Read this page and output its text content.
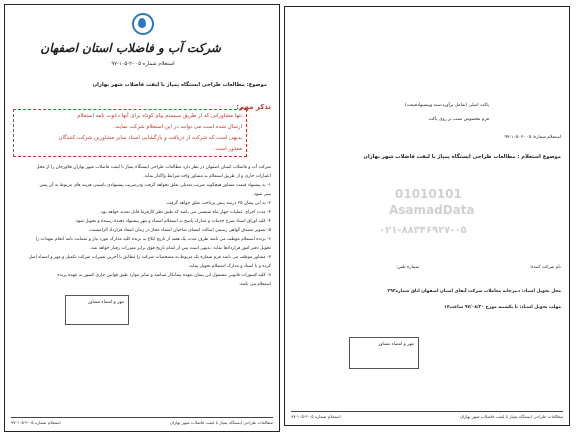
شرکت آب و فاضلاب استان اصفهان
استعلام شماره ۰۵ -۲-۱۰۵-۹۷
موضوع: مطالعات طراحی ایستگاه پمپاژ با لیفت فاضلاب شهر بهاران
تذکر مهم:
تنها مشاورانی که از طریق سیستم پیام کوتاه برای آنها دعوت نامه استعلام
ارسال شده است می توانند در این استعلام شرکت نمایند.
بدیهی است که شرکت از دریافت و بازگشایی اسناد سایر مشاورین شرکت کنندگان
معذور است.
شرکت آب و فاضلاب استان اصفهان در نظر دارد مطالعات طراحی ایستگاه پمپاژ با لیفت فاضلاب شهر بهاران فلاورجان را از محل
اعتبارات جاری و از طریق استعلام به مشاور واجد شرایط واگذار نماید.
۱- به پیشنهاد قیمت مشاور هیچگونه ضریب تعدیلی تعلق نخواهد گرفت ودرضریب پیشنهادی بایستی هزینه های مربوط به آن پیش
بینی شود.
۲- به این پیمان ۲۵ درصد پیش پرداخت تعلق خواهد گرفت.
۳- مدت اجرای عملیات چهار ماه شمسی می باشد که طبق نظر کارفرما قابل تمدید خواهد بود.
۴- کلیه اوراق اسناد شرح خدمات و مدارک پاسخ به استعلام امضاء و مهر پیشنهاد دهنده رسیده و تحویل شود.
۵- تصویر مصدق گواهی رسمی اصالت امضای صاحبان امضاء مجاز در زمان انعقاد قرارداد الزامیست.
۶- برنده استعلام موظف می باشد ظرف مدت یک هفته از تاریخ ابلاغ به برنده کلیه مدارک مورد نیاز و ضمانت نامه انجام تعهدات را
تحویل دفتر امور قراردادها نماید. بدیهی است پس از اتمام تاریخ فوق برابر مقررات رفتار خواهد شد.
۷- مشاور موظف می باشد فرم شماره یک مربوط به مشخصات شرکت را مطابق با آخرین تغییرات شرکت تکمیل و مهر و امضاء اصل
کرده و با اسناد و مدارک استعلام تحویل نماید.
۸- کلیه کسورات قانونی مشمول این پیمان بعهده پیمانکار میباشد و سایر موارد طبق قوانین جاری کشور به عهده برنده
استعلام می باشد.
مهر و امضاء مشاور
استعلام شماره ۰۵-۲-۱۰۵-۹۷	مطالعات طراحی ایستگاه پمپاژ با لیفت فاضلاب شهر بهاران
پاکت اصلی (شامل برآورد،سند وپیشنهادقیمت)
فرم مخصوص نصب بر روی پاکت
استعلام شماره: ۰۵ -۲ -۱۰۵-۹۷
موضوع استعلام : مطالعات طراحی ایستگاه پمپاژ با لیفت فاضلاب شهر بهاران
01010101
AsamadData
۰۲۱-۸۸۳۴۶۹۲۷-۰۵
نام شرکت کننده:
شماره تلفن:
محل تحویل اسناد: دبیرخانه معاملات شرکت آبفای استان اصفهان اتاق شماره۲۹۲
مهلت تحویل اسناد: تا یکشنبه مورخ ۹۷/۰۸/۲۰ ساعت۱۴
مهر و امضاء مشاور
استعلام شماره ۰۵-۲-۱۰۵-۹۷	مطالعات طراحی ایستگاه پمپاژ با لیفت فاضلاب شهر بهاران
